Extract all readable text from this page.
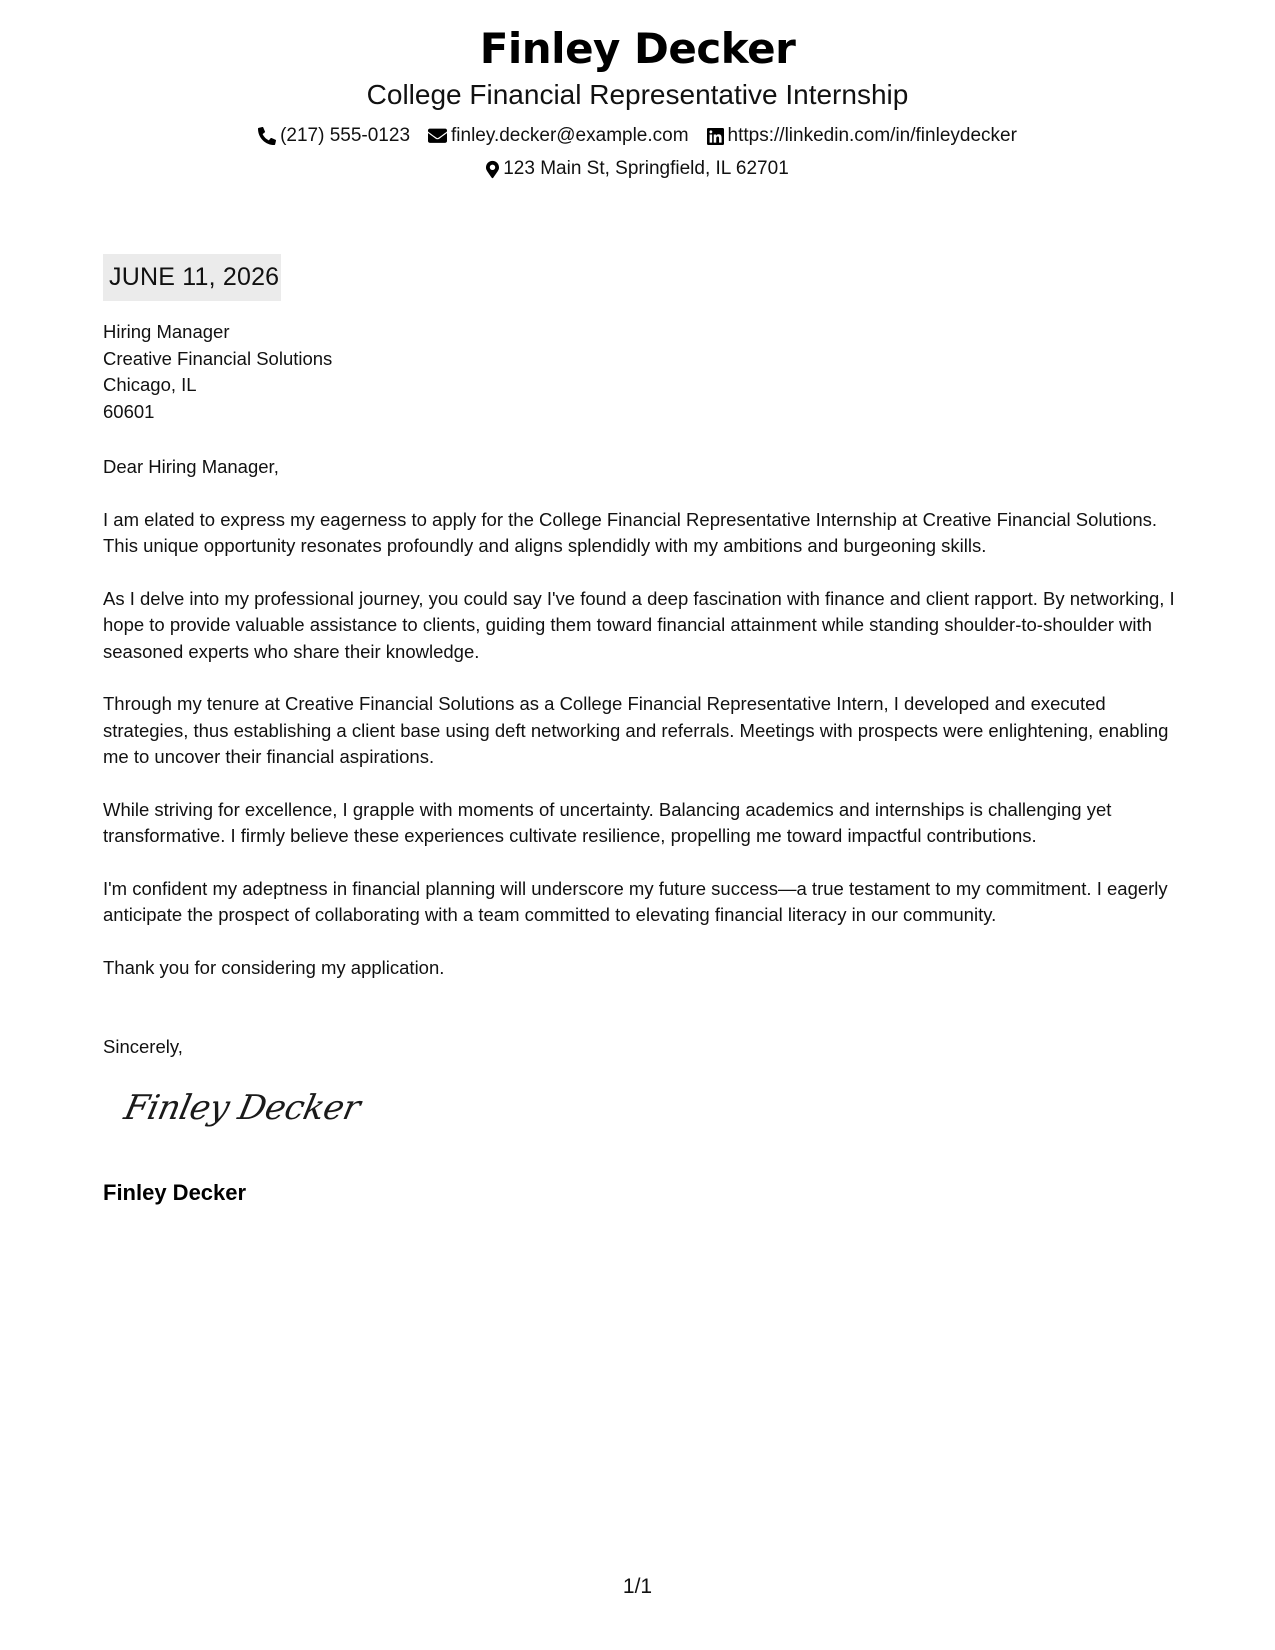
Finley Decker
College Financial Representative Internship
(217) 555-0123 finley.decker@example.com https://linkedin.com/in/finleydecker
123 Main St, Springfield, IL 62701
JUNE 11, 2026
Hiring Manager
Creative Financial Solutions
Chicago, IL
60601

Dear Hiring Manager,

I am elated to express my eagerness to apply for the College Financial Representative Internship at Creative Financial Solutions. This unique opportunity resonates profoundly and aligns splendidly with my ambitions and burgeoning skills.

As I delve into my professional journey, you could say I've found a deep fascination with finance and client rapport. By networking, I hope to provide valuable assistance to clients, guiding them toward financial attainment while standing shoulder-to-shoulder with seasoned experts who share their knowledge.

Through my tenure at Creative Financial Solutions as a College Financial Representative Intern, I developed and executed strategies, thus establishing a client base using deft networking and referrals. Meetings with prospects were enlightening, enabling me to uncover their financial aspirations.

While striving for excellence, I grapple with moments of uncertainty. Balancing academics and internships is challenging yet transformative. I firmly believe these experiences cultivate resilience, propelling me toward impactful contributions.

I'm confident my adeptness in financial planning will underscore my future success—a true testament to my commitment. I eagerly anticipate the prospect of collaborating with a team committed to elevating financial literacy in our community.

Thank you for considering my application.

Sincerely,
Finley Decker
Finley Decker
1/1
